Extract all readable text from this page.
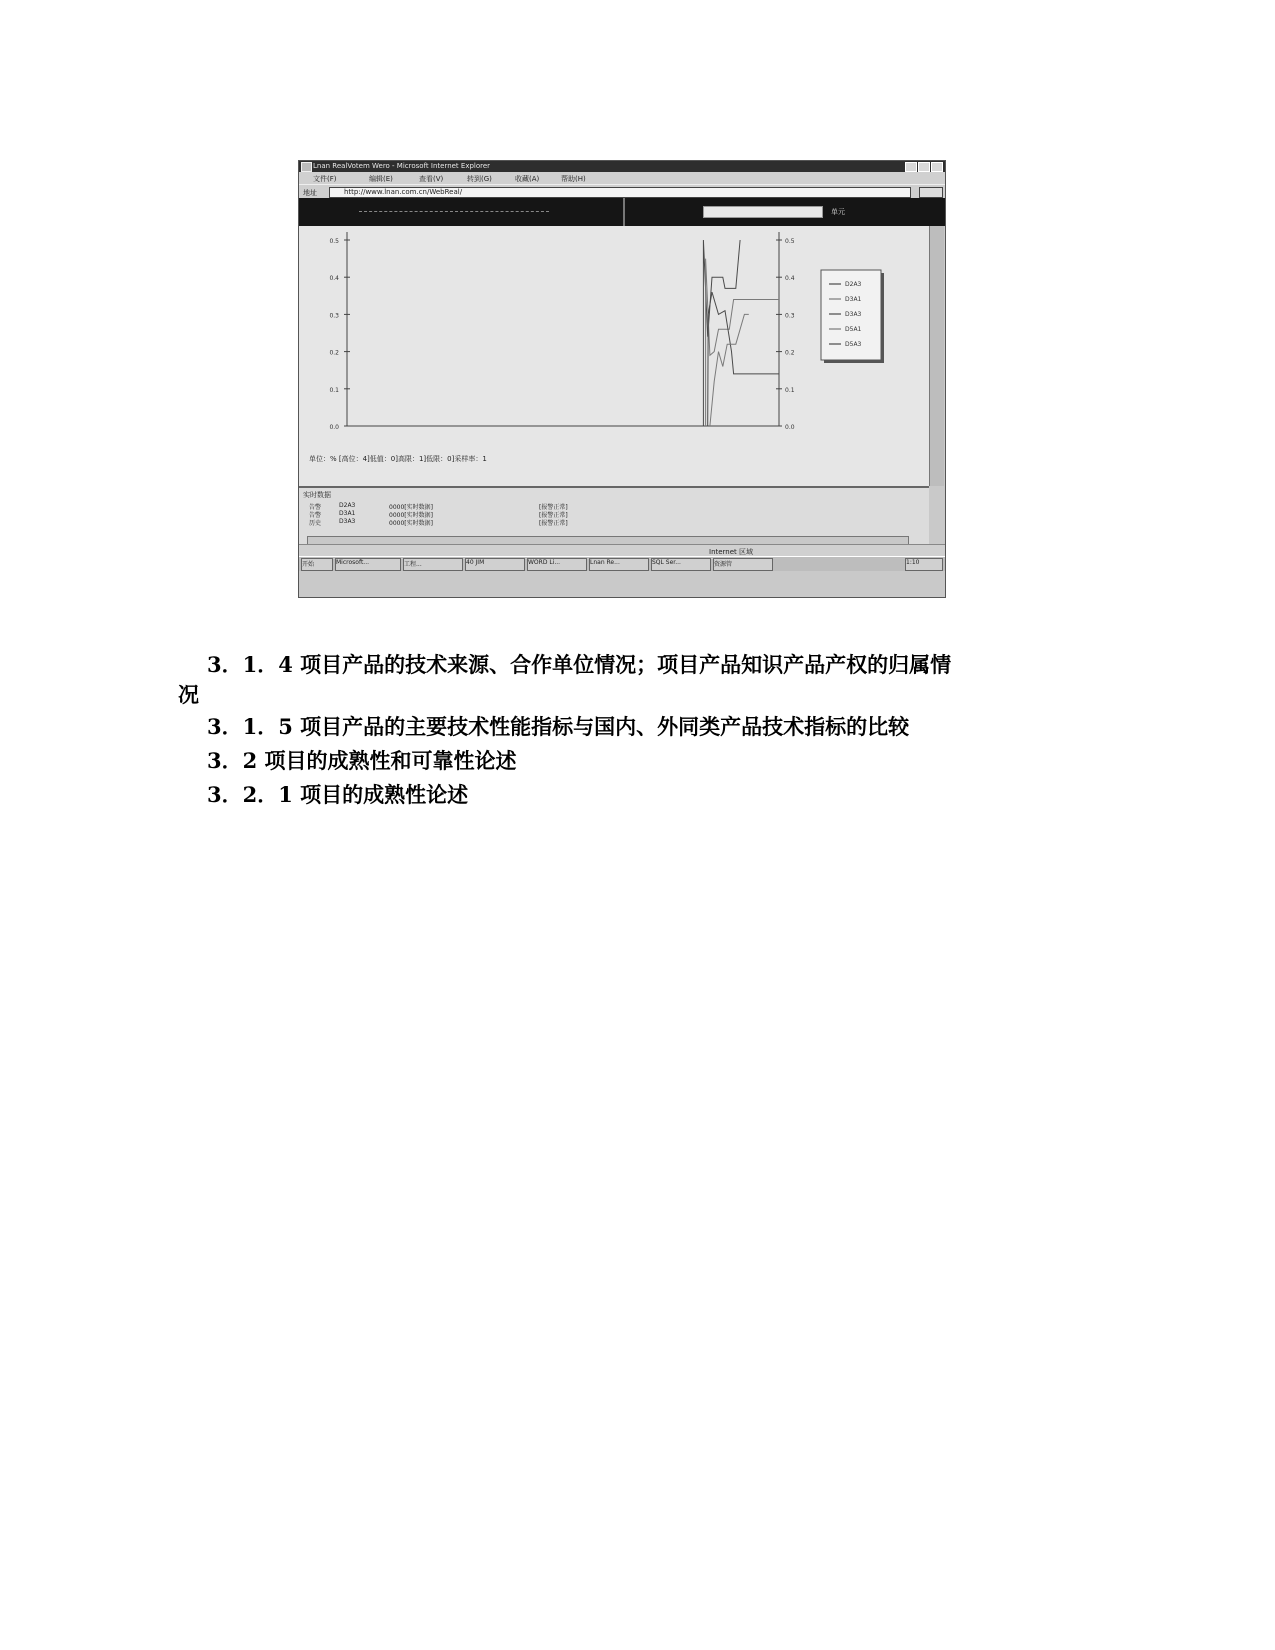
Lnan RealVotem Wero - Microsoft Internet Explorer
文件(F)	编辑(E)	查看(V)	转到(G)	收藏(A)	帮助(H)
地址	http://www.lnan.com.cn/WebReal/
单元
0.5	0.5
0.4	0.4
0.3	0.3
0.2	0.2
0.1	0.1
0.0	0.0
D2A3
D3A1
D3A3
D5A1
D5A3
单位：% [高位：4]低值：0]高限：1]低限：0]采样率：1
实时数据
告警	D2A3	0000[实时数据]	[报警正常]
告警	D3A1	0000[实时数据]	[报警正常]
历史	D3A3	0000[实时数据]	[报警正常]
Internet 区域
开始	Microsoft...	工程...	40 JIM	WORD Li...	Lnan Re...	SQL Ser...	资源管	1:10
3．1．4 项目产品的技术来源、合作单位情况；项目产品知识产品产权的归属情
况
3．1．5 项目产品的主要技术性能指标与国内、外同类产品技术指标的比较
3．2 项目的成熟性和可靠性论述
3．2．1 项目的成熟性论述
